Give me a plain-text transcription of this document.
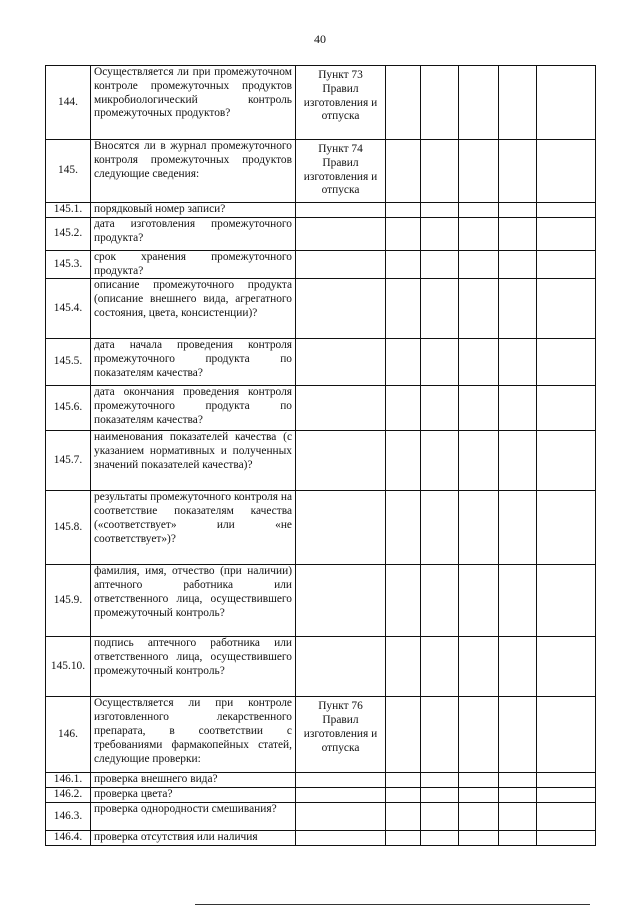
40
144.	Осуществляется ли при промежуточном контроле промежуточных продуктов микробиологический контроль промежуточных продуктов?	Пункт 73 Правил изготовления и отпуска					
145.	Вносятся ли в журнал промежуточного контроля промежуточных продуктов следующие сведения:	Пункт 74 Правил изготовления и отпуска					
145.1.	порядковый номер записи?						
145.2.	дата изготовления промежуточного продукта?						
145.3.	срок хранения промежуточного продукта?						
145.4.	описание промежуточного продукта (описание внешнего вида, агрегатного состояния, цвета, консистенции)?						
145.5.	дата начала проведения контроля промежуточного продукта по показателям качества?						
145.6.	дата окончания проведения контроля промежуточного продукта по показателям качества?						
145.7.	наименования показателей качества (с указанием нормативных и полученных значений показателей качества)?						
145.8.	результаты промежуточного контроля на соответствие показателям качества («соответствует» или «не соответствует»)?						
145.9.	фамилия, имя, отчество (при наличии) аптечного работника или ответственного лица, осуществившего промежуточный контроль?						
145.10.	подпись аптечного работника или ответственного лица, осуществившего промежуточный контроль?						
146.	Осуществляется ли при контроле изготовленного лекарственного препарата, в соответствии с требованиями фармакопейных статей, следующие проверки:	Пункт 76 Правил изготовления и отпуска					
146.1.	проверка внешнего вида?						
146.2.	проверка цвета?						
146.3.	проверка однородности смешивания?						
146.4.	проверка отсутствия или наличия						
